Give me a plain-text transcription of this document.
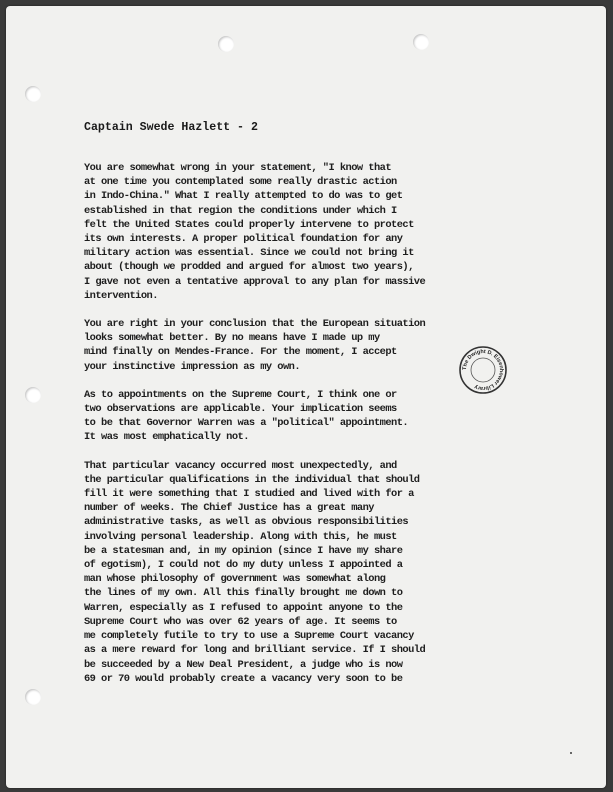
Captain Swede Hazlett - 2
You are somewhat wrong in your statement, "I know that
at one time you contemplated some really drastic action
in Indo-China." What I really attempted to do was to get
established in that region the conditions under which I
felt the United States could properly intervene to protect
its own interests. A proper political foundation for any
military action was essential. Since we could not bring it
about (though we prodded and argued for almost two years),
I gave not even a tentative approval to any plan for massive
intervention.
You are right in your conclusion that the European situation
looks somewhat better. By no means have I made up my
mind finally on Mendes-France. For the moment, I accept
your instinctive impression as my own.
As to appointments on the Supreme Court, I think one or
two observations are applicable. Your implication seems
to be that Governor Warren was a "political" appointment.
It was most emphatically not.
That particular vacancy occurred most unexpectedly, and
the particular qualifications in the individual that should
fill it were something that I studied and lived with for a
number of weeks. The Chief Justice has a great many
administrative tasks, as well as obvious responsibilities
involving personal leadership. Along with this, he must
be a statesman and, in my opinion (since I have my share
of egotism), I could not do my duty unless I appointed a
man whose philosophy of government was somewhat along
the lines of my own. All this finally brought me down to
Warren, especially as I refused to appoint anyone to the
Supreme Court who was over 62 years of age. It seems to
me completely futile to try to use a Supreme Court vacancy
as a mere reward for long and brilliant service. If I should
be succeeded by a New Deal President, a judge who is now
69 or 70 would probably create a vacancy very soon to be
The Dwight D. Eisenhower Library
